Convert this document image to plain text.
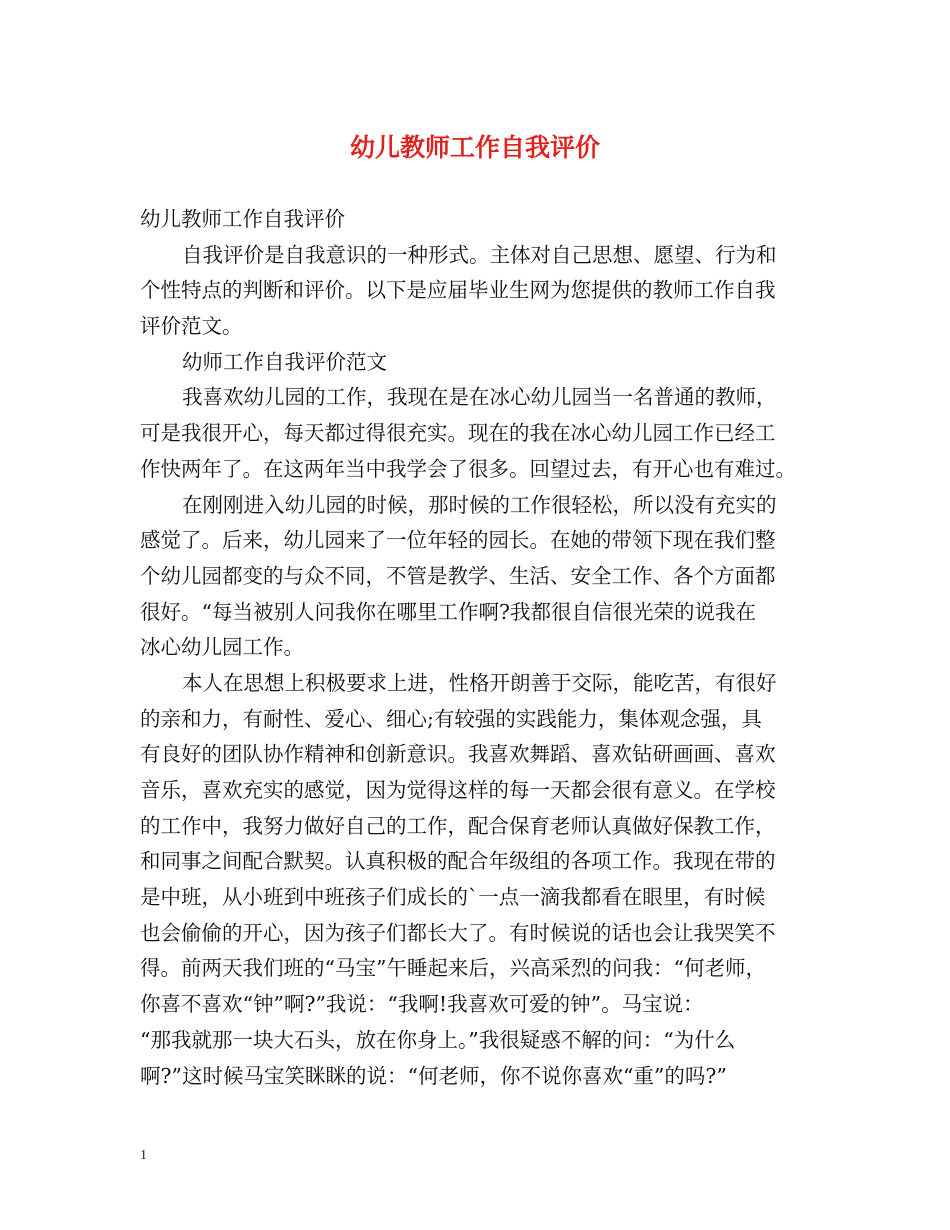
幼儿教师工作自我评价
幼儿教师工作自我评价
自我评价是自我意识的一种形式。主体对自己思想、愿望、行为和
个性特点的判断和评价。以下是应届毕业生网为您提供的教师工作自我
评价范文。
幼师工作自我评价范文
我喜欢幼儿园的工作，我现在是在冰心幼儿园当一名普通的教师，
可是我很开心，每天都过得很充实。现在的我在冰心幼儿园工作已经工
作快两年了。在这两年当中我学会了很多。回望过去，有开心也有难过。
在刚刚进入幼儿园的时候，那时候的工作很轻松，所以没有充实的
感觉了。后来，幼儿园来了一位年轻的园长。在她的带领下现在我们整
个幼儿园都变的与众不同，不管是教学、生活、安全工作、各个方面都
很好。“每当被别人问我你在哪里工作啊?我都很自信很光荣的说我在
冰心幼儿园工作。
本人在思想上积极要求上进，性格开朗善于交际，能吃苦，有很好
的亲和力，有耐性、爱心、细心;有较强的实践能力，集体观念强，具
有良好的团队协作精神和创新意识。我喜欢舞蹈、喜欢钻研画画、喜欢
音乐，喜欢充实的感觉，因为觉得这样的每一天都会很有意义。在学校
的工作中，我努力做好自己的工作，配合保育老师认真做好保教工作，
和同事之间配合默契。认真积极的配合年级组的各项工作。我现在带的
是中班，从小班到中班孩子们成长的`一点一滴我都看在眼里，有时候
也会偷偷的开心，因为孩子们都长大了。有时候说的话也会让我哭笑不
得。前两天我们班的“马宝”午睡起来后，兴高采烈的问我：“何老师，
你喜不喜欢“钟”啊?”我说：“我啊!我喜欢可爱的钟”。马宝说：
“那我就那一块大石头，放在你身上。”我很疑惑不解的问：“为什么
啊?”这时候马宝笑眯眯的说：“何老师，你不说你喜欢“重”的吗?”
1
